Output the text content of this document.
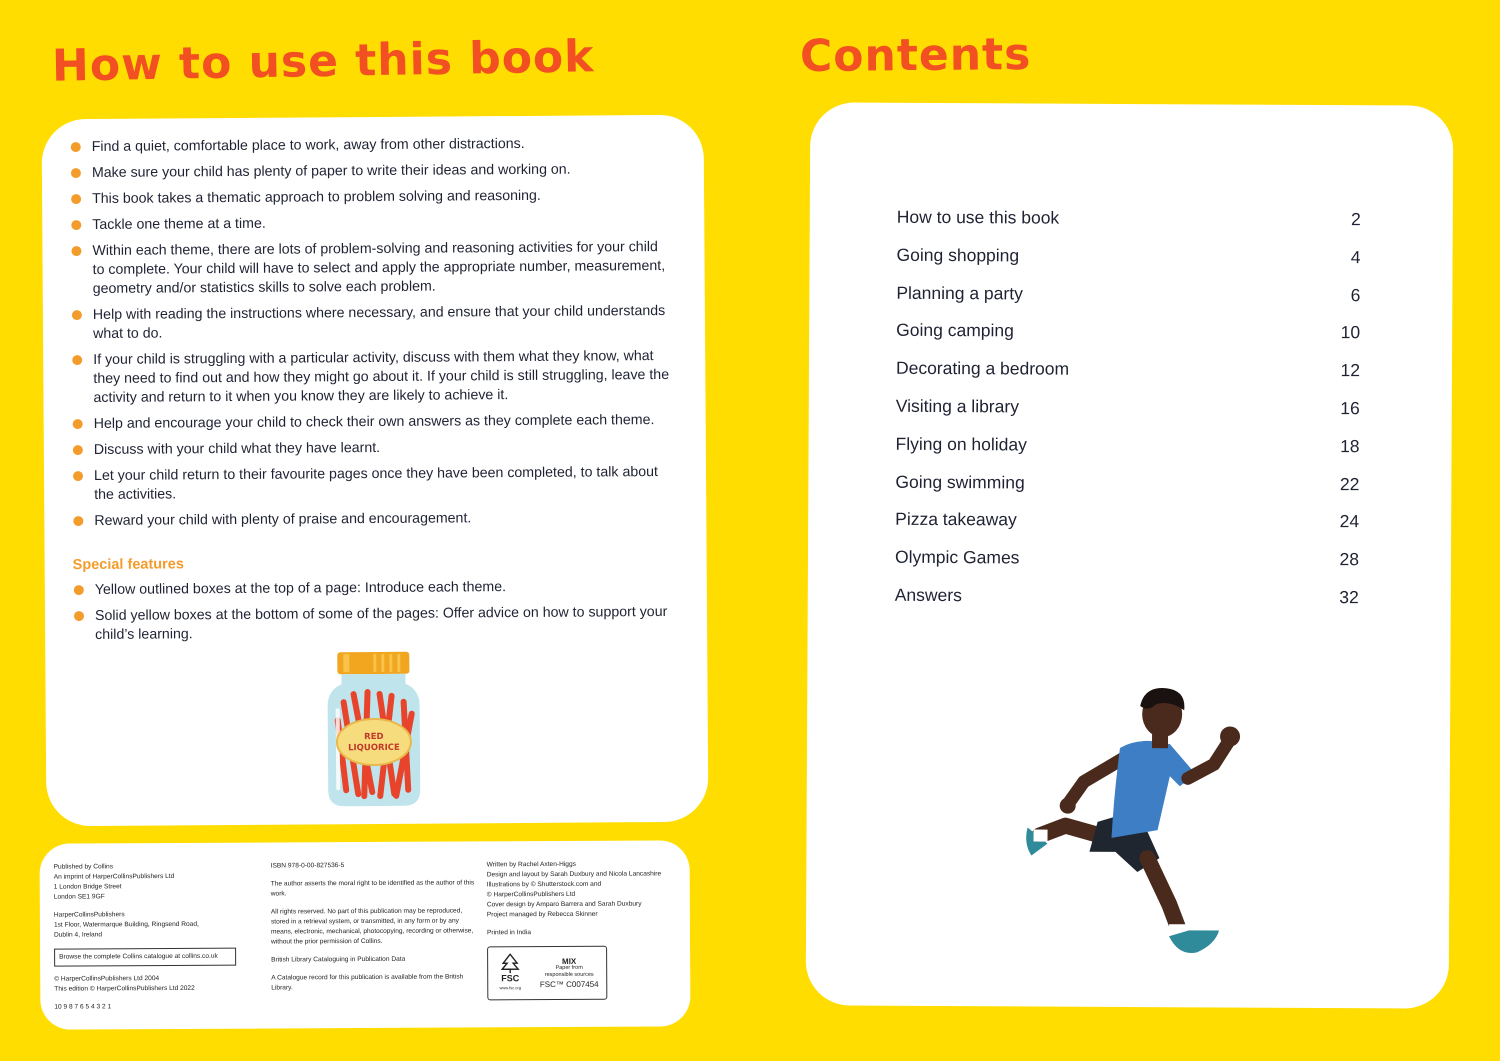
How to use this book	Contents
Find a quiet, comfortable place to work, away from other distractions.
Make sure your child has plenty of paper to write their ideas and working on.
This book takes a thematic approach to problem solving and reasoning.
Tackle one theme at a time.
Within each theme, there are lots of problem-solving and reasoning activities for your child to complete. Your child will have to select and apply the appropriate number, measurement, geometry and/or statistics skills to solve each problem.
Help with reading the instructions where necessary, and ensure that your child understands what to do.
If your child is struggling with a particular activity, discuss with them what they know, what they need to find out and how they might go about it. If your child is still struggling, leave the activity and return to it when you know they are likely to achieve it.
Help and encourage your child to check their own answers as they complete each theme.
Discuss with your child what they have learnt.
Let your child return to their favourite pages once they have been completed, to talk about the activities.
Reward your child with plenty of praise and encouragement.
Special features
Yellow outlined boxes at the top of a page: Introduce each theme.
Solid yellow boxes at the bottom of some of the pages: Offer advice on how to support your child’s learning.
RED
LIQUORICE

Published by Collins
An imprint of HarperCollinsPublishers Ltd
1 London Bridge Street
London SE1 9GF

HarperCollinsPublishers
1st Floor, Watermarque Building, Ringsend Road,
Dublin 4, Ireland

Browse the complete Collins catalogue at collins.co.uk

© HarperCollinsPublishers Ltd 2004
This edition © HarperCollinsPublishers Ltd 2022

10 9 8 7 6 5 4 3 2 1

ISBN 978-0-00-827536-5

The author asserts the moral right to be identified as the author of this work.

All rights reserved. No part of this publication may be reproduced, stored in a retrieval system, or transmitted, in any form or by any means, electronic, mechanical, photocopying, recording or otherwise, without the prior permission of Collins.

British Library Cataloguing in Publication Data

A Catalogue record for this publication is available from the British Library.

Written by Rachel Axten-Higgs
Design and layout by Sarah Duxbury and Nicola Lancashire
Illustrations by © Shutterstock.com and
© HarperCollinsPublishers Ltd
Cover design by Amparo Barrera and Sarah Duxbury
Project managed by Rebecca Skinner

Printed in India

FSC
www.fsc.org
MIX
Paper from
responsible sources
FSC™ C007454
How to use this book	2
Going shopping	4
Planning a party	6
Going camping	10
Decorating a bedroom	12
Visiting a library	16
Flying on holiday	18
Going swimming	22
Pizza takeaway	24
Olympic Games	28
Answers	32
